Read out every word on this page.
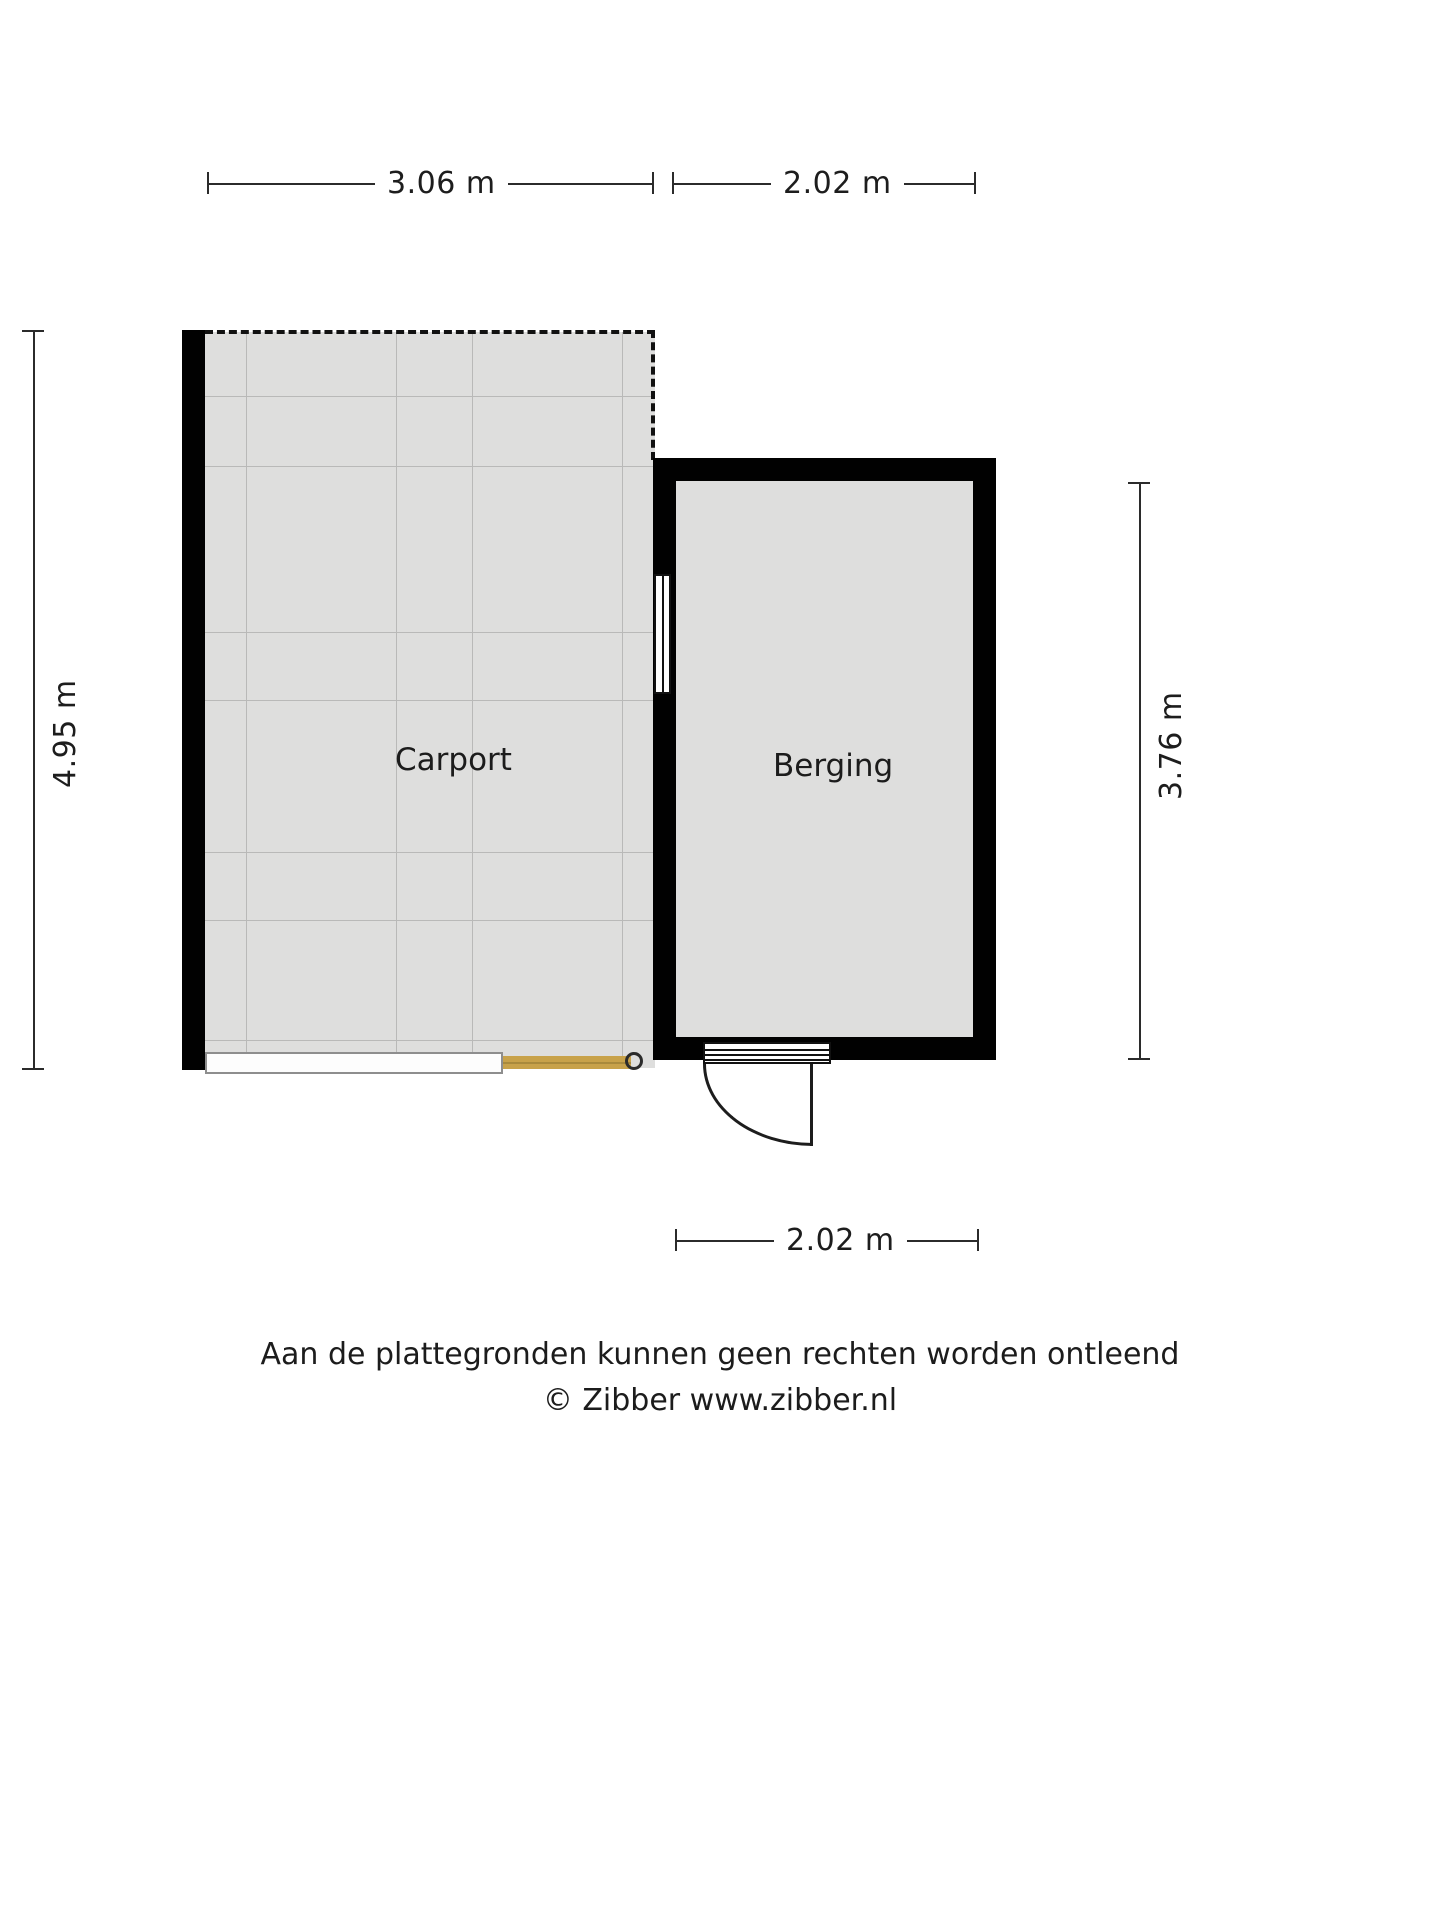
3.06 m	2.02 m
4.95 m	3.76 m
Carport	Berging
2.02 m
Aan de plattegronden kunnen geen rechten worden ontleend
© Zibber www.zibber.nl
